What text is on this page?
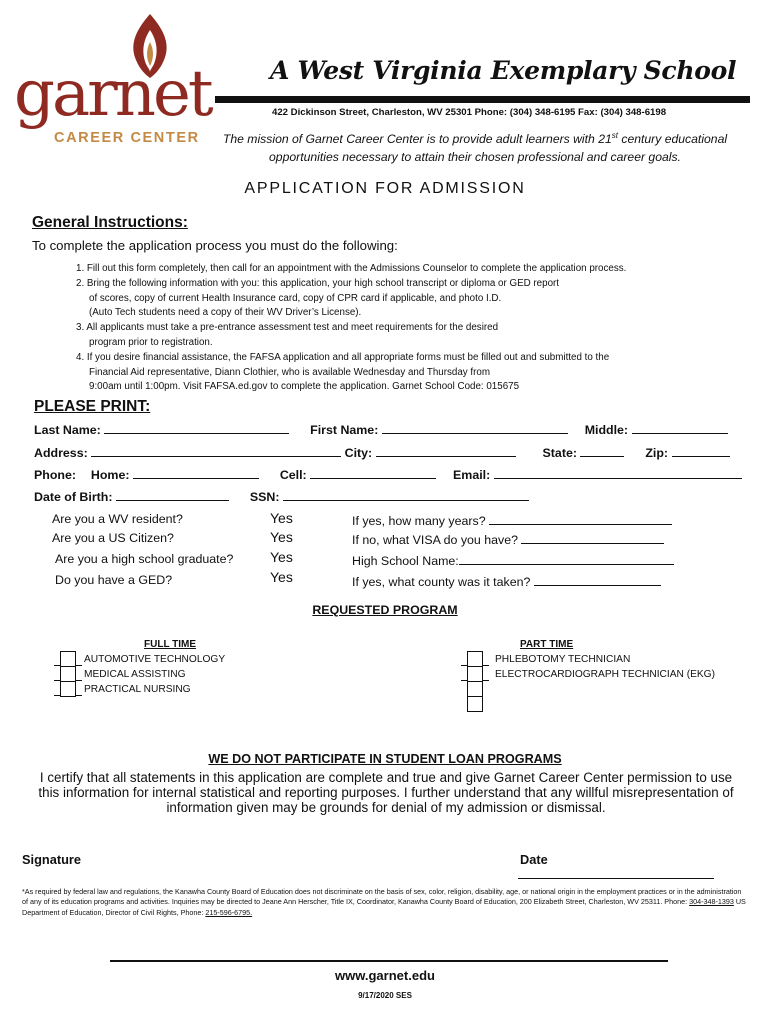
garnet

CAREER CENTER

A West Virginia Exemplary School
422 Dickinson Street, Charleston, WV 25301 Phone: (304) 348-6195 Fax: (304) 348-6198
The mission of Garnet Career Center is to provide adult learners with 21st century educational opportunities necessary to attain their chosen professional and career goals.
APPLICATION FOR ADMISSION
General Instructions:
To complete the application process you must do the following:
1. Fill out this form completely, then call for an appointment with the Admissions Counselor to complete the application process.
2. Bring the following information with you: this application, your high school transcript or diploma or GED report
of scores, copy of current Health Insurance card, copy of CPR card if applicable, and photo I.D.
(Auto Tech students need a copy of their WV Driver’s License).
3. All applicants must take a pre-entrance assessment test and meet requirements for the desired
program prior to registration.
4. If you desire financial assistance, the FAFSA application and all appropriate forms must be filled out and submitted to the
Financial Aid representative, Diann Clothier, who is available Wednesday and Thursday from
9:00am until 1:00pm. Visit FAFSA.ed.gov to complete the application. Garnet School Code: 015675
PLEASE PRINT:
Last Name:	First Name:	Middle:
Address:	City:	State:	Zip:
Phone: Home:	Cell:	Email:
Date of Birth:	SSN:
Are you a WV resident?	Yes	If yes, how many years?
Are you a US Citizen?	Yes	If no, what VISA do you have?
Are you a high school graduate?	Yes	High School Name:
Do you have a GED?	Yes	If yes, what county was it taken?
REQUESTED PROGRAM
FULL TIME
AUTOMOTIVE TECHNOLOGY
MEDICAL ASSISTING
PRACTICAL NURSING
PART TIME
PHLEBOTOMY TECHNICIAN
ELECTROCARDIOGRAPH TECHNICIAN (EKG)
WE DO NOT PARTICIPATE IN STUDENT LOAN PROGRAMS
I certify that all statements in this application are complete and true and give Garnet Career Center permission to use this information for internal statistical and reporting purposes. I further understand that any willful misrepresentation of information given may be grounds for denial of my admission or dismissal.
Signature	Date
*As required by federal law and regulations, the Kanawha County Board of Education does not discriminate on the basis of sex, color, religion, disability, age, or national origin in the employment practices or in the administration of any of its education programs and activities. Inquiries may be directed to Jeane Ann Herscher, Title IX, Coordinator, Kanawha County Board of Education, 200 Elizabeth Street, Charleston, WV 25311. Phone: 304-348-1393 US Department of Education, Director of Civil Rights, Phone: 215-596-6795.
www.garnet.edu
9/17/2020 SES
